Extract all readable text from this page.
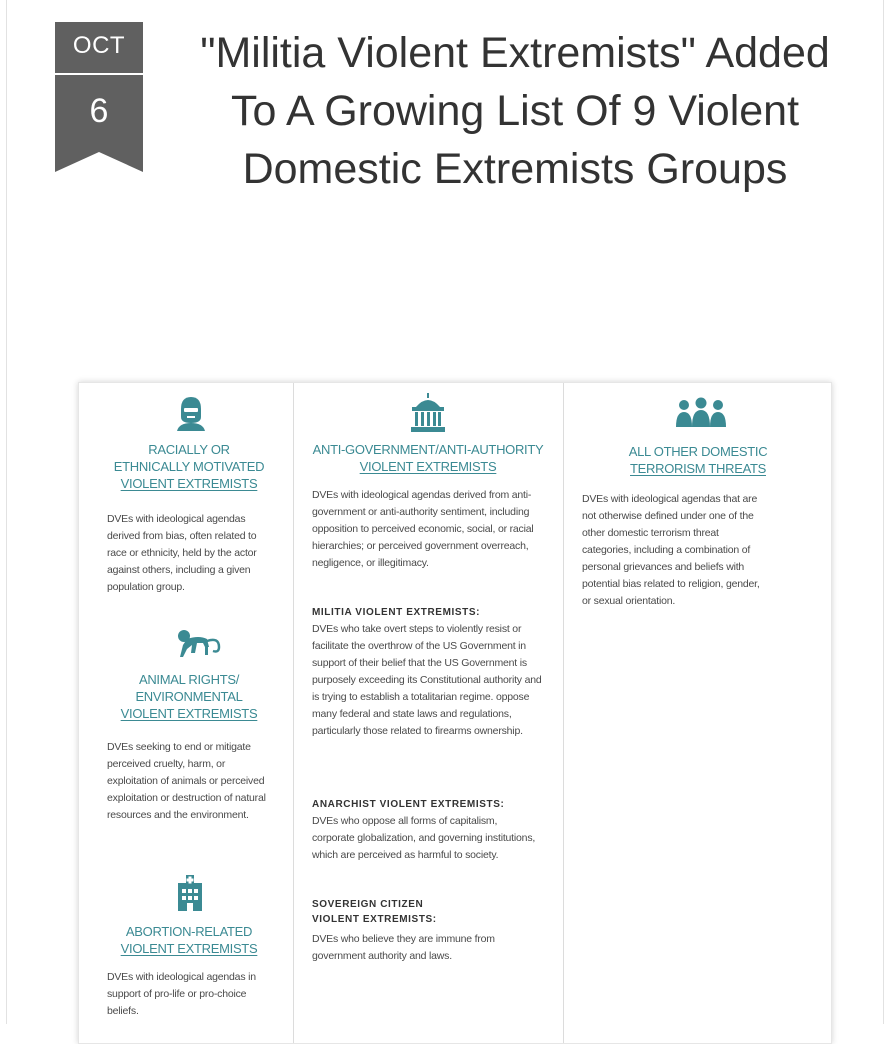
OCT
6
"Militia Violent Extremists" Added To A Growing List Of 9 Violent Domestic Extremists Groups
RACIALLY OR
ETHNICALLY MOTIVATED
VIOLENT EXTREMISTS
DVEs with ideological agendas derived from bias, often related to race or ethnicity, held by the actor against others, including a given population group.
ANIMAL RIGHTS/
ENVIRONMENTAL
VIOLENT EXTREMISTS
DVEs seeking to end or mitigate perceived cruelty, harm, or exploitation of animals or perceived exploitation or destruction of natural resources and the environment.
ABORTION-RELATED
VIOLENT EXTREMISTS
DVEs with ideological agendas in support of pro-life or pro-choice beliefs.
ANTI-GOVERNMENT/ANTI-AUTHORITY
VIOLENT EXTREMISTS
DVEs with ideological agendas derived from anti-government or anti-authority sentiment, including opposition to perceived economic, social, or racial hierarchies; or perceived government overreach, negligence, or illegitimacy.
MILITIA VIOLENT EXTREMISTS:
DVEs who take overt steps to violently resist or facilitate the overthrow of the US Government in support of their belief that the US Government is purposely exceeding its Constitutional authority and is trying to establish a totalitarian regime. oppose many federal and state laws and regulations, particularly those related to firearms ownership.
ANARCHIST VIOLENT EXTREMISTS:
DVEs who oppose all forms of capitalism, corporate globalization, and governing institutions, which are perceived as harmful to society.
SOVEREIGN CITIZEN
VIOLENT EXTREMISTS:
DVEs who believe they are immune from government authority and laws.
ALL OTHER DOMESTIC
TERRORISM THREATS
DVEs with ideological agendas that are not otherwise defined under one of the other domestic terrorism threat categories, including a combination of personal grievances and beliefs with potential bias related to religion, gender, or sexual orientation.
